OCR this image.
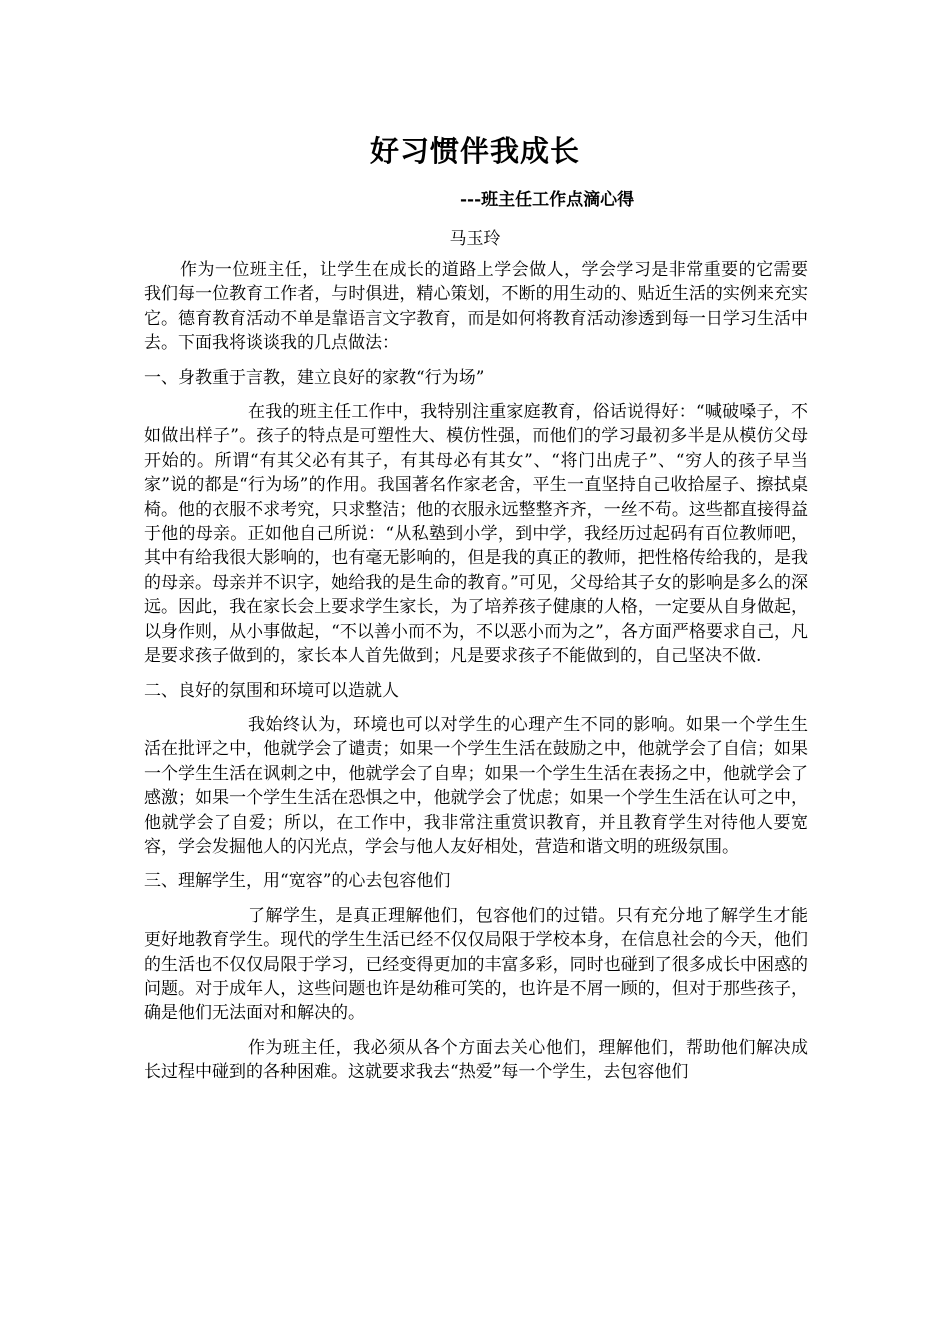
好习惯伴我成长
---班主任工作点滴心得
马玉玲

作为一位班主任，让学生在成长的道路上学会做人，学会学习是非常重要的它需要我们每一位教育工作者，与时俱进，精心策划，不断的用生动的、贴近生活的实例来充实它。德育教育活动不单是靠语言文字教育，而是如何将教育活动渗透到每一日学习生活中去。下面我将谈谈我的几点做法：

一、身教重于言教，建立良好的家教“行为场”

在我的班主任工作中，我特别注重家庭教育，俗话说得好：“喊破嗓子，不如做出样子”。孩子的特点是可塑性大、模仿性强，而他们的学习最初多半是从模仿父母开始的。所谓“有其父必有其子，有其母必有其女”、“将门出虎子”、“穷人的孩子早当家”说的都是“行为场”的作用。我国著名作家老舍，平生一直坚持自己收拾屋子、擦拭桌椅。他的衣服不求考究，只求整洁；他的衣服永远整整齐齐，一丝不苟。这些都直接得益于他的母亲。正如他自己所说：“从私塾到小学，到中学，我经历过起码有百位教师吧，其中有给我很大影响的，也有毫无影响的，但是我的真正的教师，把性格传给我的，是我的母亲。母亲并不识字，她给我的是生命的教育。”可见，父母给其子女的影响是多么的深远。因此，我在家长会上要求学生家长，为了培养孩子健康的人格，一定要从自身做起，以身作则，从小事做起，“不以善小而不为，不以恶小而为之”，各方面严格要求自己，凡是要求孩子做到的，家长本人首先做到；凡是要求孩子不能做到的，自己坚决不做.

二、良好的氛围和环境可以造就人

我始终认为，环境也可以对学生的心理产生不同的影响。如果一个学生生活在批评之中，他就学会了谴责；如果一个学生生活在鼓励之中，他就学会了自信；如果一个学生生活在讽刺之中，他就学会了自卑；如果一个学生生活在表扬之中，他就学会了感激；如果一个学生生活在恐惧之中，他就学会了忧虑；如果一个学生生活在认可之中，他就学会了自爱；所以，在工作中，我非常注重赏识教育，并且教育学生对待他人要宽容，学会发掘他人的闪光点，学会与他人友好相处，营造和谐文明的班级氛围。

三、理解学生，用“宽容”的心去包容他们

了解学生，是真正理解他们，包容他们的过错。只有充分地了解学生才能更好地教育学生。现代的学生生活已经不仅仅局限于学校本身，在信息社会的今天，他们的生活也不仅仅局限于学习，已经变得更加的丰富多彩，同时也碰到了很多成长中困惑的问题。对于成年人，这些问题也许是幼稚可笑的，也许是不屑一顾的，但对于那些孩子，确是他们无法面对和解决的。

作为班主任，我必须从各个方面去关心他们，理解他们，帮助他们解决成长过程中碰到的各种困难。这就要求我去“热爱”每一个学生，去包容他们
